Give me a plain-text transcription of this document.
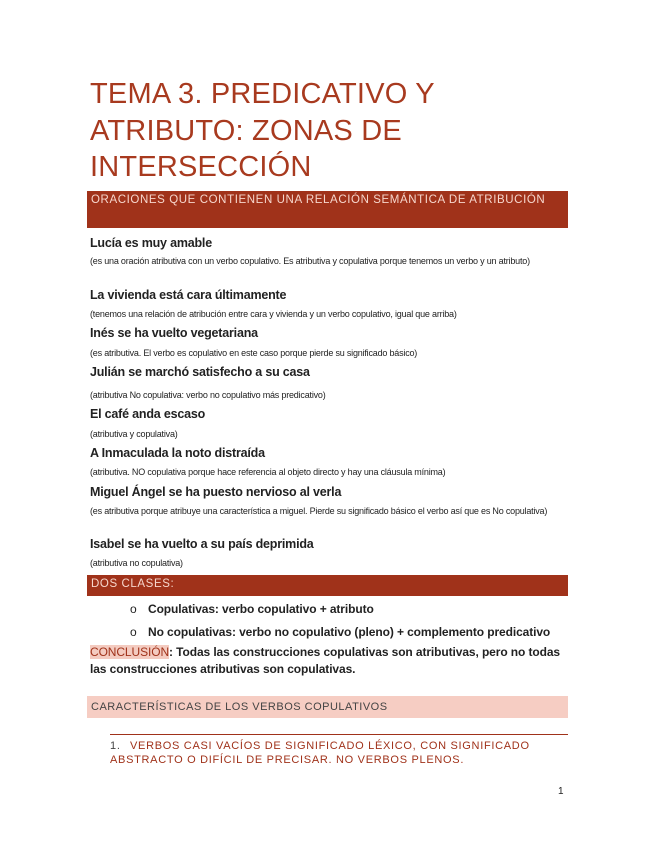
TEMA 3. PREDICATIVO Y
ATRIBUTO: ZONAS DE
INTERSECCIÓN
ORACIONES QUE CONTIENEN UNA RELACIÓN SEMÁNTICA DE ATRIBUCIÓN
Lucía es muy amable
(es una oración atributiva con un verbo copulativo. Es atributiva y copulativa porque tenemos un verbo y un atributo)
La vivienda está cara últimamente
(tenemos una relación de atribución entre cara y vivienda y un verbo copulativo, igual que arriba)
Inés se ha vuelto vegetariana
(es atributiva. El verbo es copulativo en este caso porque pierde su significado básico)
Julián se marchó satisfecho a su casa
(atributiva No copulativa: verbo no copulativo más predicativo)
El café anda escaso
(atributiva y copulativa)
A Inmaculada la noto distraída
(atributiva. NO copulativa porque hace referencia al objeto directo y hay una cláusula mínima)
Miguel Ángel se ha puesto nervioso al verla
(es atributiva porque atribuye una característica a miguel. Pierde su significado básico el verbo así que es No copulativa)
Isabel se ha vuelto a su país deprimida
(atributiva no copulativa)
DOS CLASES:
o Copulativas: verbo copulativo + atributo
o No copulativas: verbo no copulativo (pleno) + complemento predicativo
CONCLUSIÓN: Todas las construcciones copulativas son atributivas, pero no todas las construcciones atributivas son copulativas.
CARACTERÍSTICAS DE LOS VERBOS COPULATIVOS
1. VERBOS CASI VACÍOS DE SIGNIFICADO LÉXICO, CON SIGNIFICADO ABSTRACTO O DIFÍCIL DE PRECISAR. NO VERBOS PLENOS.
1
